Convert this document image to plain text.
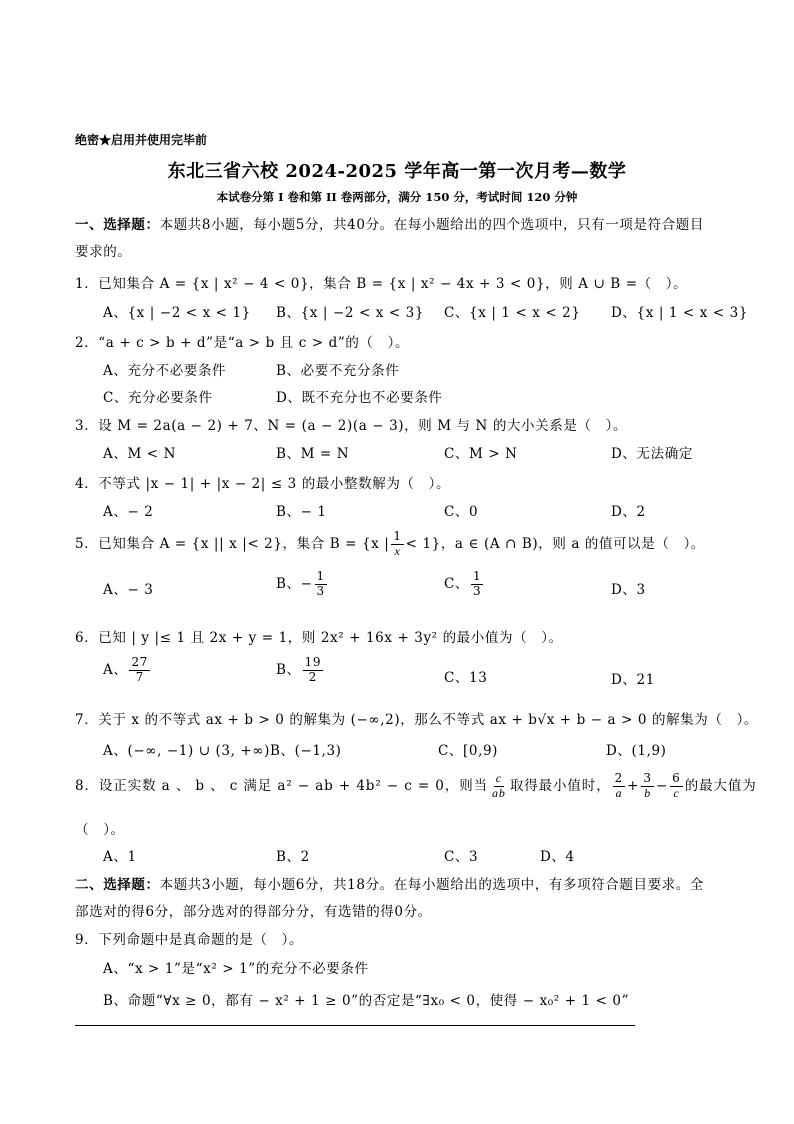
绝密★启用并使用完毕前
东北三省六校 2024-2025 学年高一第一次月考—数学
本试卷分第 I 卷和第 II 卷两部分，满分 150 分，考试时间 120 分钟
一、选择题：本题共8小题，每小题5分，共40分。在每小题给出的四个选项中，只有一项是符合题目
要求的。
1．已知集合 A = {x | x² − 4 < 0}，集合 B = {x | x² − 4x + 3 < 0}，则 A ∪ B =（　）。
A、{x | −2 < x < 1} B、{x | −2 < x < 3} C、{x | 1 < x < 2} D、{x | 1 < x < 3}
2．“a + c > b + d”是“a > b 且 c > d”的（　）。
A、充分不必要条件	B、必要不充分条件
C、充分必要条件	D、既不充分也不必要条件
3．设 M = 2a(a − 2) + 7、N = (a − 2)(a − 3)，则 M 与 N 的大小关系是（　）。
A、M < N	B、M = N	C、M > N	D、无法确定
4．不等式 |x − 1| + |x − 2| ≤ 3 的最小整数解为（　）。
A、− 2	B、− 1	C、0	D、2
5．已知集合 A = {x || x |< 2}，集合 B = {x | $\frac{1}{x} < 1$}，a ∈ (A ∩ B)，则 a 的值可以是（　）。
A、− 3	B、− $\frac{1}{3}$	C、 $\frac{1}{3}$	D、3
6．已知 | y |≤ 1 且 2x + y = 1，则 2x² + 16x + 3y² 的最小值为（　）。
A、 $\frac{27}{7}$	B、 $\frac{19}{2}$	C、13	D、21
7．关于 x 的不等式 ax + b > 0 的解集为 (−∞,2)，那么不等式 ax + b√x + b − a > 0 的解集为（　）。
A、(−∞, −1) ∪ (3, +∞) B、(−1,3)	C、[0,9)	D、(1,9)
8．设正实数 a 、 b 、 c 满足 a² − ab + 4b² − c = 0，则当 $\frac{c}{ab}$ 取得最小值时， $\frac{2}{a} + \frac{3}{b} - \frac{6}{c}$ 的最大值为
（　）。
A、1	B、2	C、3	D、4
二、选择题：本题共3小题，每小题6分，共18分。在每小题给出的选项中，有多项符合题目要求。全
部选对的得6分，部分选对的得部分分，有选错的得0分。
9．下列命题中是真命题的是（　）。
A、“x > 1”是“x² > 1”的充分不必要条件
B、命题“∀x ≥ 0，都有 − x² + 1 ≥ 0”的否定是“∃x₀ < 0，使得 − x₀² + 1 < 0”
